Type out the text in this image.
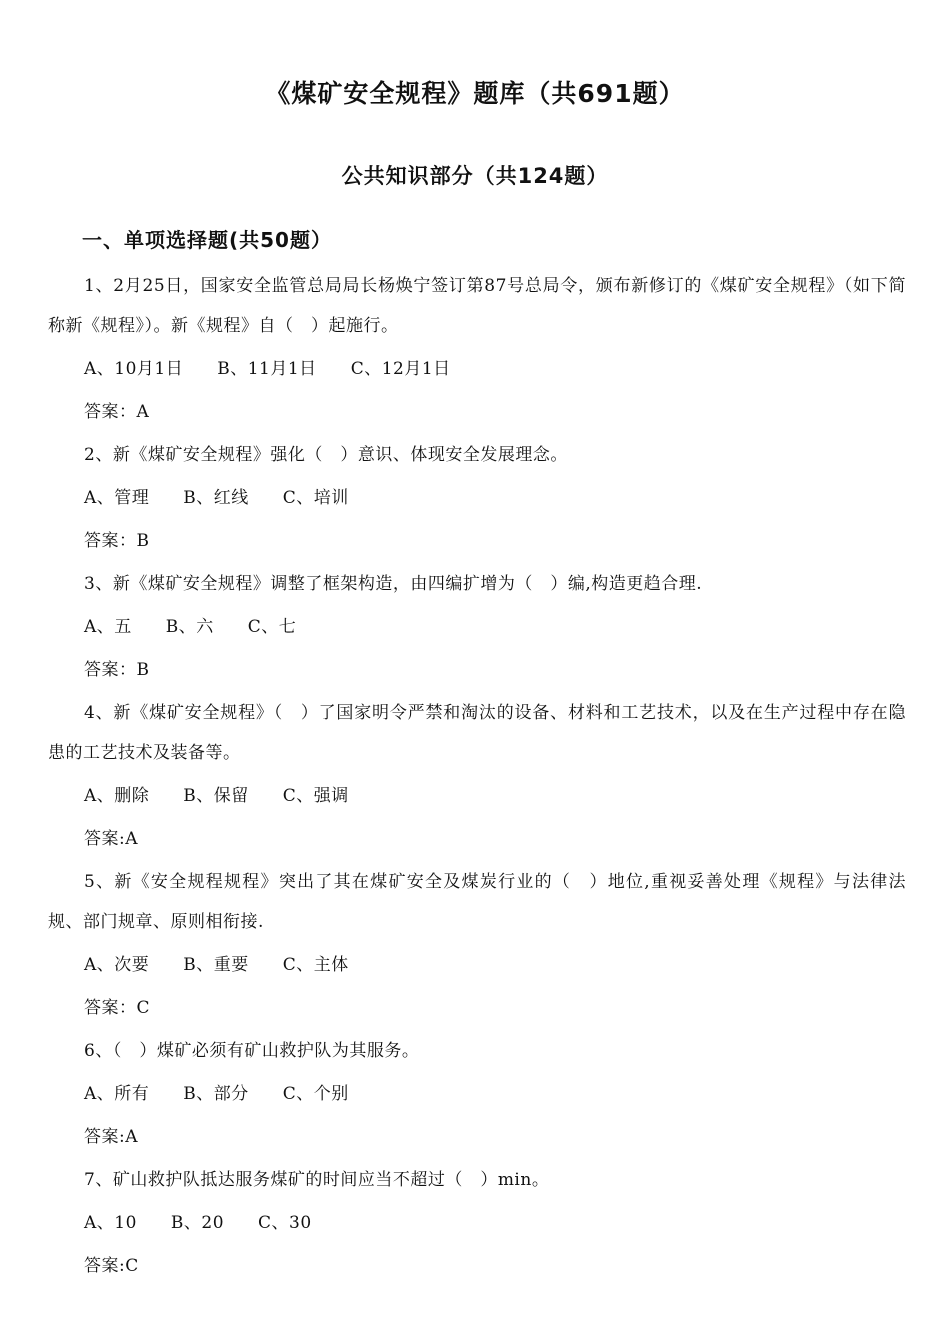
《煤矿安全规程》题库（共691题）
公共知识部分（共124题）
一、单项选择题(共50题）

1、2月25日，国家安全监管总局局长杨焕宁签订第87号总局令，颁布新修订的《煤矿安全规程》（如下简称新《规程》）。新《规程》自（　）起施行。

A、10月1日 B、11月1日 C、12月1日
答案：A

2、新《煤矿安全规程》强化（　）意识、体现安全发展理念。

A、管理 B、红线 C、培训
答案：B

3、新《煤矿安全规程》调整了框架构造，由四编扩增为（　）编,构造更趋合理.

A、五 B、六 C、七
答案：B

4、新《煤矿安全规程》（　）了国家明令严禁和淘汰的设备、材料和工艺技术，以及在生产过程中存在隐患的工艺技术及装备等。

A、删除 B、保留 C、强调
答案:A

5、新《安全规程规程》突出了其在煤矿安全及煤炭行业的（　）地位,重视妥善处理《规程》与法律法规、部门规章、原则相衔接.

A、次要 B、重要 C、主体
答案：C

6、（　）煤矿必须有矿山救护队为其服务。

A、所有 B、部分 C、个别
答案:A

7、矿山救护队抵达服务煤矿的时间应当不超过（　）min。

A、10 B、20 C、30
答案:C
